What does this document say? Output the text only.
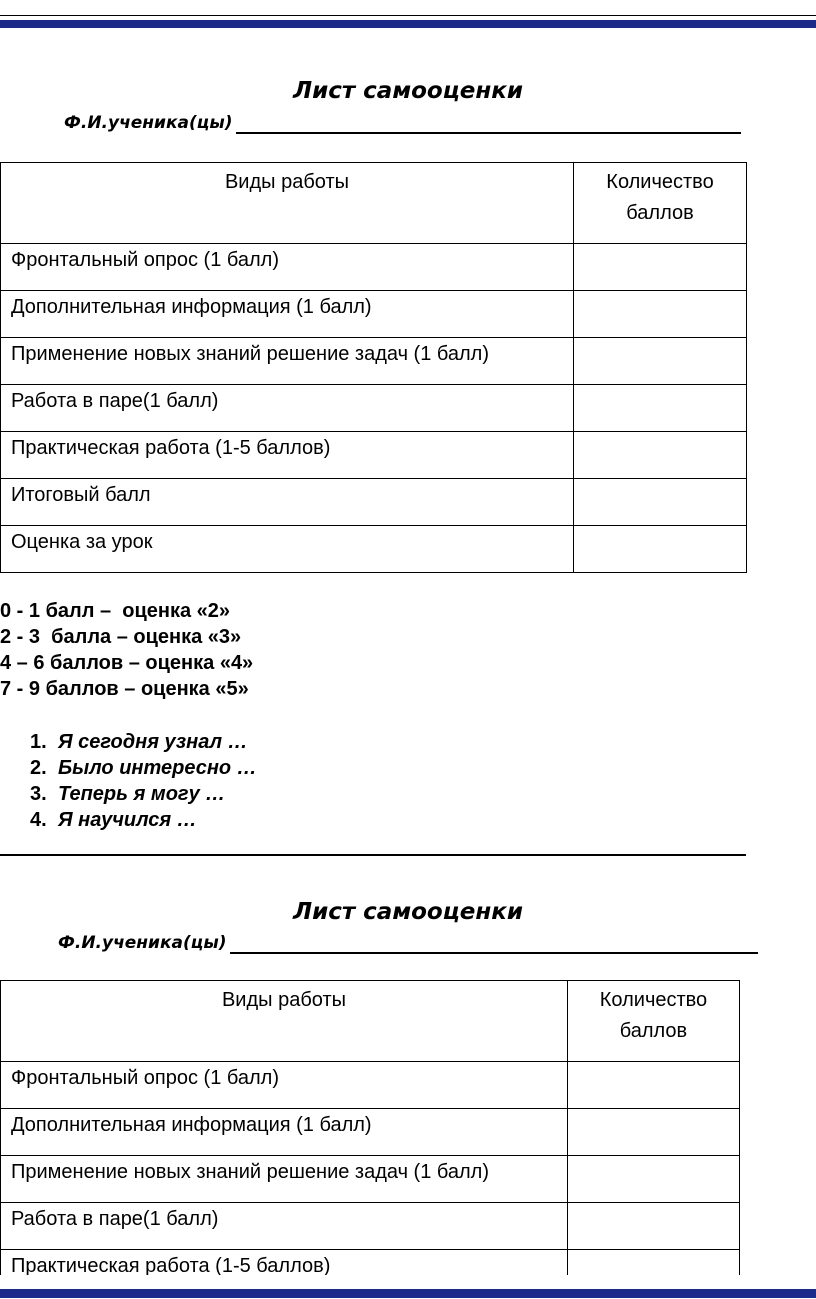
Лист самооценки
Ф.И.ученика(цы)
Виды работы	Количество баллов
Фронтальный опрос (1 балл)	
Дополнительная информация (1 балл)	
Применение новых знаний решение задач (1 балл)	
Работа в паре(1 балл)	
Практическая работа (1-5 баллов)	
Итоговый балл	
Оценка за урок	
0 - 1 балл –  оценка «2»
2 - 3  балла – оценка «3»
4 – 6 баллов – оценка «4»
7 - 9 баллов – оценка «5»
1. Я сегодня узнал …
2. Было интересно …
3. Теперь я могу …
4. Я научился …
Лист самооценки
Ф.И.ученика(цы)
Виды работы	Количество баллов
Фронтальный опрос (1 балл)	
Дополнительная информация (1 балл)	
Применение новых знаний решение задач (1 балл)	
Работа в паре(1 балл)	
Практическая работа (1-5 баллов)	
